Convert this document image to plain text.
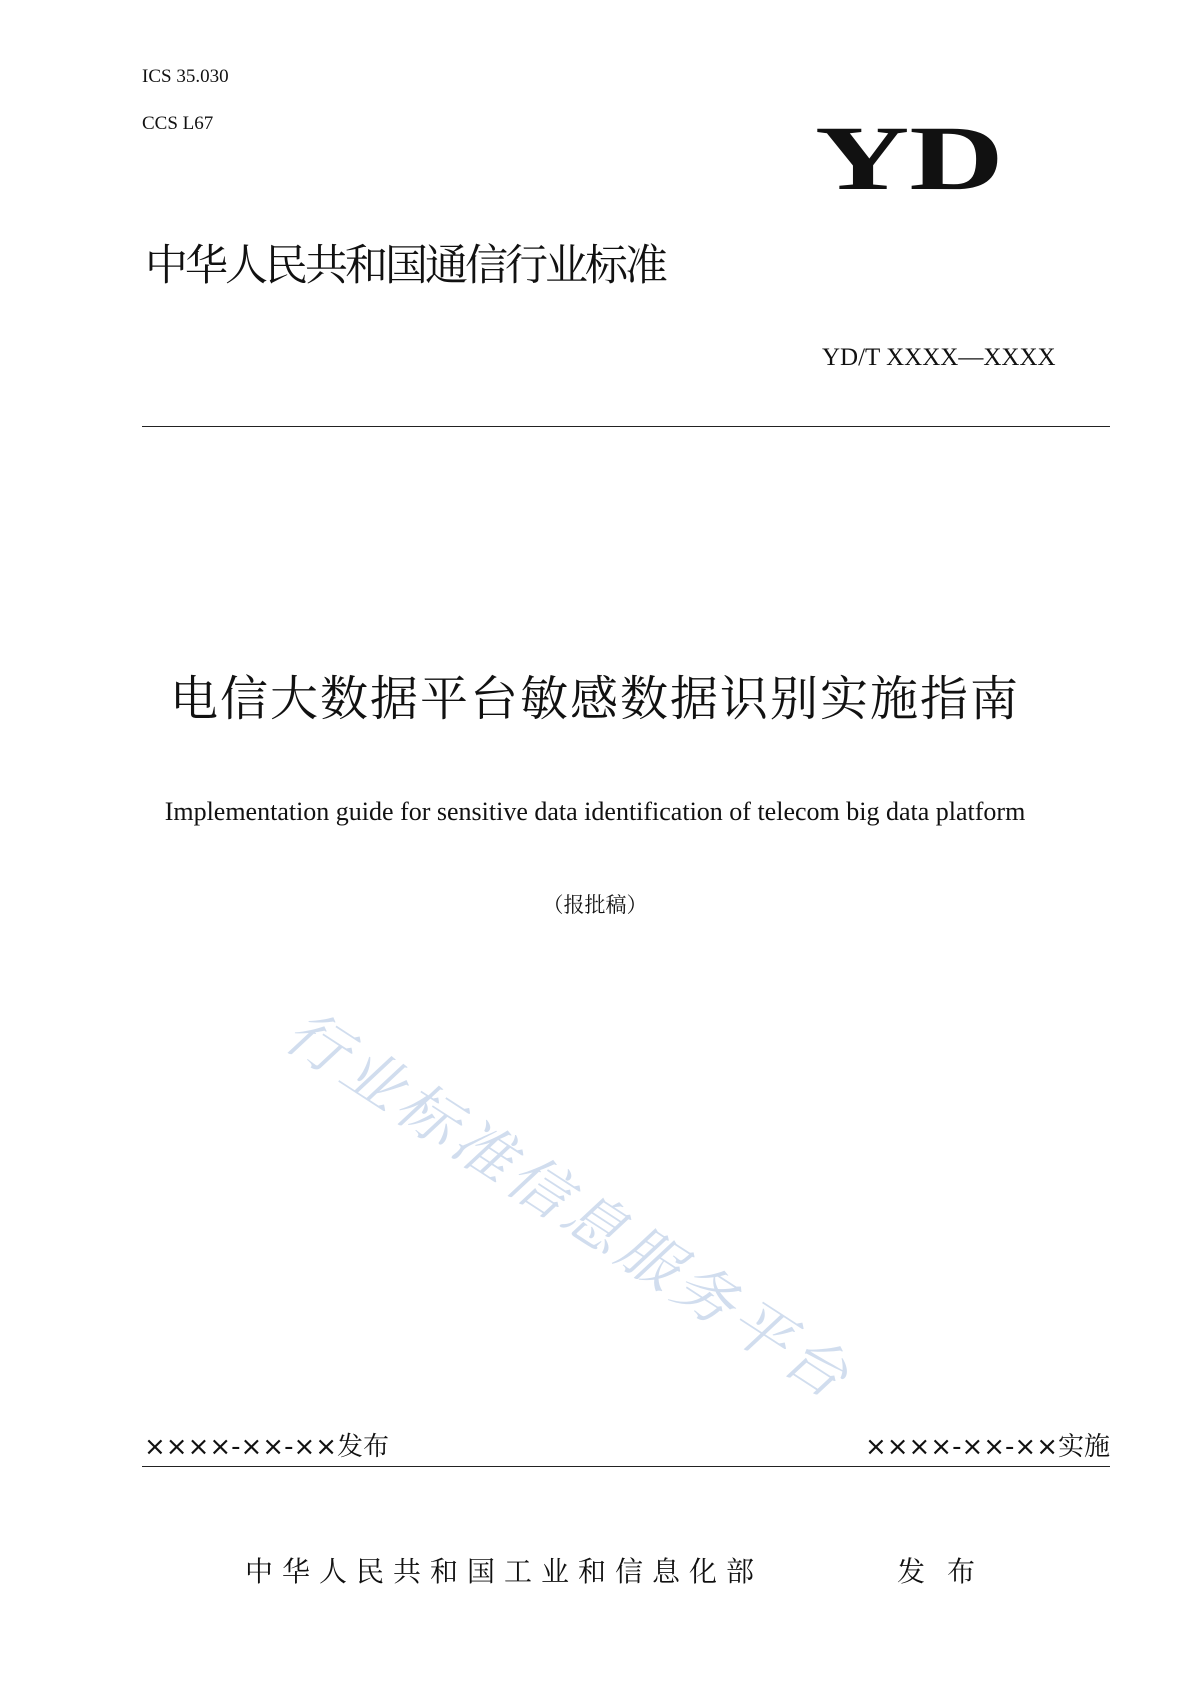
ICS 35.030
CCS L67	YD
中华人民共和国通信行业标准
YD/T XXXX—XXXX
电信大数据平台敏感数据识别实施指南
Implementation guide for sensitive data identification of telecom big data platform
（报批稿）
行业标准信息服务平台
××××-××-××发布	××××-××-××实施
中华人民共和国工业和信息化部	发布
